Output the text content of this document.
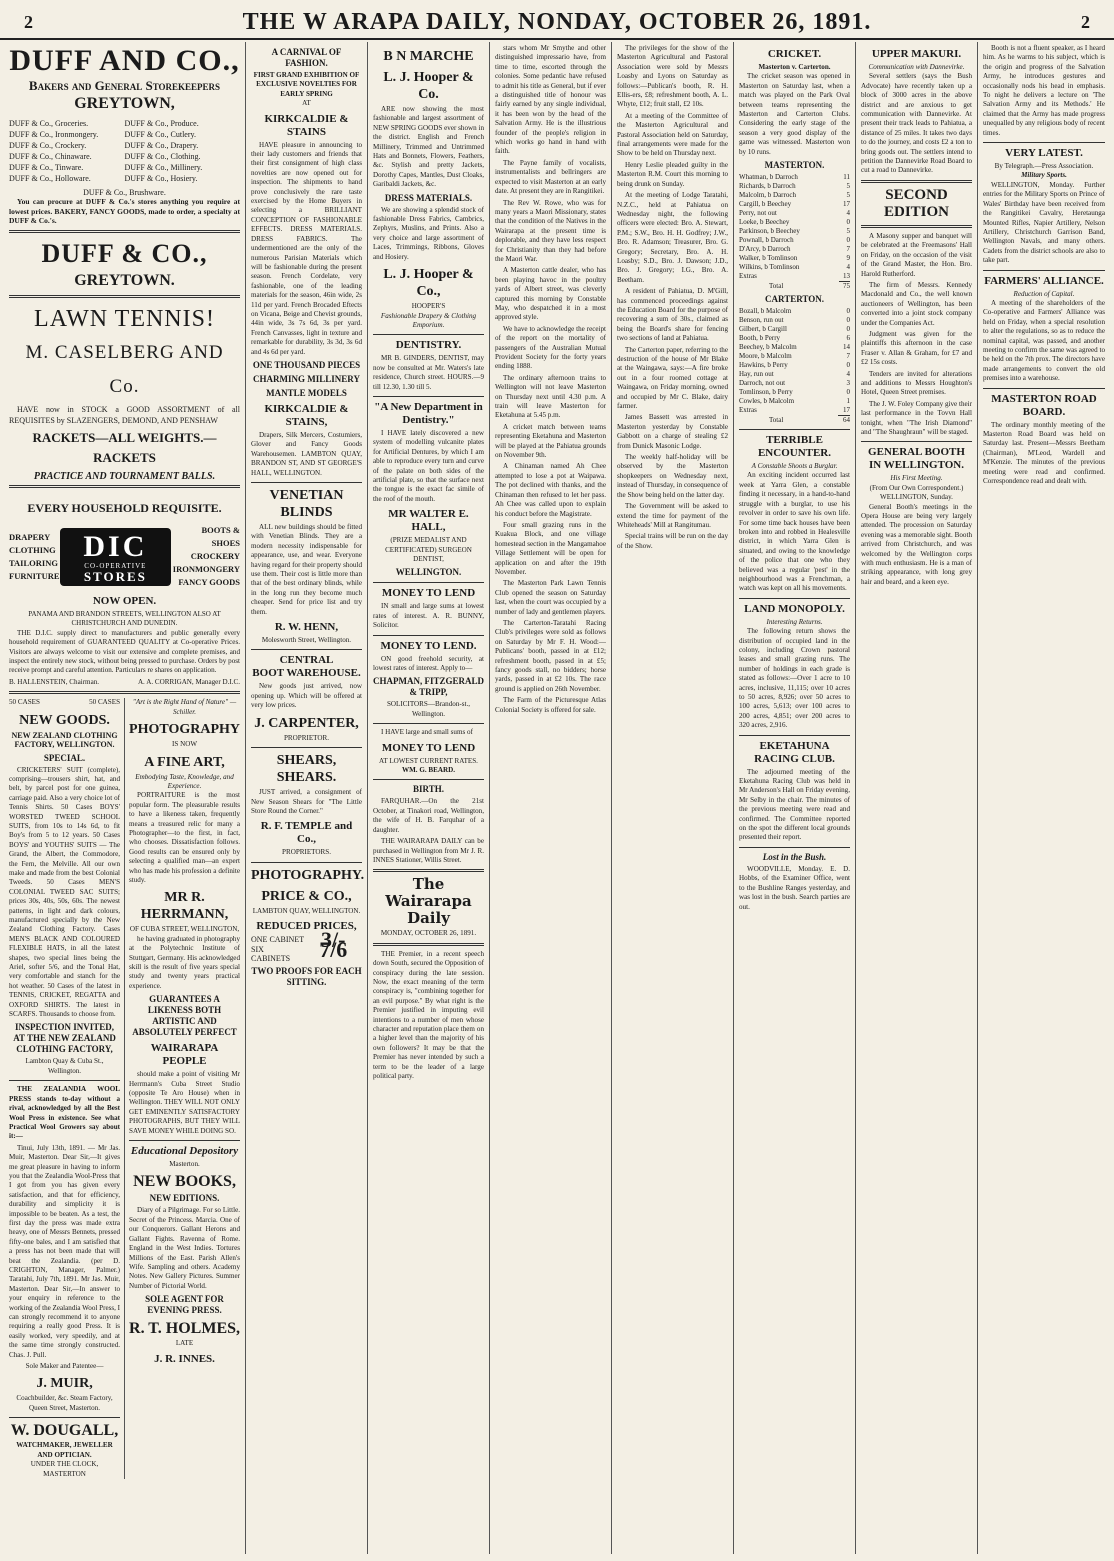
2	THE W ARAPA DAILY, NONDAY, OCTOBER 26, 1891.	2
DUFF AND CO.,
Bakers and General Storekeepers
GREYTOWN,
DUFF & Co., Groceries.	DUFF & Co., Produce.
DUFF & Co., Ironmongery.	DUFF & Co., Cutlery.
DUFF & Co., Crockery.	DUFF & Co., Drapery.
DUFF & Co., Chinaware.	DUFF & Co., Clothing.
DUFF & Co., Tinware.	DUFF & Co., Millinery.
DUFF & Co., Holloware.	DUFF & Co., Hosiery.
DUFF & Co., Brushware.
You can procure at DUFF & Co.'s stores anything you require at lowest prices. BAKERY, FANCY GOODS, made to order, a specialty at DUFF & Co.'s.
DUFF & CO.,
GREYTOWN.
LAWN TENNIS!
M. CASELBERG AND Co.
HAVE now in STOCK a GOOD ASSORTMENT of all REQUISITES by SLAZENGERS, DEMOND, AND PENSHAW
RACKETS—ALL WEIGHTS.—RACKETS
PRACTICE AND TOURNAMENT BALLS.
EVERY HOUSEHOLD REQUISITE.
DRAPERY
CLOTHING
TAILORING
FURNITURE
DIC
CO-OPERATIVE
STORES
BOOTS & SHOES
CROCKERY
IRONMONGERY
FANCY GOODS
NOW OPEN.
PANAMA AND BRANDON STREETS, WELLINGTON ALSO AT CHRISTCHURCH AND DUNEDIN.
THE D.I.C. supply direct to manufacturers and public generally every household requirement of GUARANTEED QUALITY at Co-operative Prices. Visitors are always welcome to visit our extensive and complete premises, and inspect the entirely new stock, without being pressed to purchase. Orders by post receive prompt and careful attention. Particulars re shares on application.
B. HALLENSTEIN, Chairman.	A. A. CORRIGAN, Manager D.I.C.
50 CASES	50 CASES
NEW GOODS.
NEW ZEALAND CLOTHING FACTORY, WELLINGTON.
SPECIAL.
CRICKETERS' SUIT (complete), comprising—trousers shirt, hat, and belt, by parcel post for one guinea, carriage paid. Also a very choice lot of Tennis Shirts. 50 Cases BOYS' WORSTED TWEED SCHOOL SUITS, from 10s to 14s 6d, to fit Boy's from 5 to 12 years. 50 Cases BOYS' and YOUTHS' SUITS — The Grand, the Albert, the Commodore, the Fern, the Melville. All our own make and made from the best Colonial Tweeds. 50 Cases MEN'S COLONIAL TWEED SAC SUITS; prices 30s, 40s, 50s, 60s. The newest patterns, in light and dark colours, manufactured specially by the New Zealand Clothing Factory. Cases MEN'S BLACK AND COLOURED FLEXIBLE HATS, in all the latest shapes, two special lines being the Ariel, softer 5/6, and the Tonal Hat, very comfortable and stanch for the hot weather. 50 Cases of the latest in TENNIS, CRICKET, REGATTA and OXFORD SHIRTS. The latest in SCARFS. Thousands to choose from.
INSPECTION INVITED, AT THE NEW ZEALAND CLOTHING FACTORY,
Lambton Quay & Cuba St., Wellington.
THE ZEALANDIA WOOL PRESS stands to-day without a rival, acknowledged by all the Best Wool Press in existence. See what Practical Wool Growers say about it:—
Tinui, July 13th, 1891. — Mr Jas. Muir, Masterton. Dear Sir,—It gives me great pleasure in having to inform you that the Zealandia Wool-Press that I got from you has given every satisfaction, and that for efficiency, durability and simplicity it is impossible to be beaten. As a test, the first day the press was made extra heavy, one of Messrs Bennets, pressed fifty-one bales, and I am satisfied that a press has not been made that will beat the Zealandia. (per D. CRIGHTON, Manager, Palmer.) Taratahi, July 7th, 1891. Mr Jas. Muir, Masterton. Dear Sir,—In answer to your enquiry in reference to the working of the Zealandia Wool Press, I can strongly recommend it to anyone requiring a really good Press. It is easily worked, very speedily, and at the same time strongly constructed. Chas. J. Pull.
Sole Maker and Patentee—
J. MUIR,
Coachbuilder, &c. Steam Factory, Queen Street, Masterton.
W. DOUGALL,
WATCHMAKER, JEWELLER AND OPTICIAN.
UNDER THE CLOCK, MASTERTON
"Art is the Right Hand of Nature" —Schiller.
PHOTOGRAPHY
IS NOW
A FINE ART,
Embodying Taste, Knowledge, and Experience.
PORTRAITURE is the most popular form. The pleasurable results to have a likeness taken, frequently means a treasured relic for many a Photographer—to the first, in fact, who chooses. Dissatisfaction follows. Good results can be ensured only by selecting a qualified man—an expert who has made his profession a definite study.
MR R. HERRMANN,
OF CUBA STREET, WELLINGTON,
he having graduated in photography at the Polytechnic Institute of Stuttgart, Germany. His acknowledged skill is the result of five years special study and twenty years practical experience.
GUARANTEES A LIKENESS BOTH ARTISTIC AND ABSOLUTELY PERFECT
WAIRARAPA PEOPLE
should make a point of visiting Mr Herrmann's Cuba Street Studio (opposite Te Aro House) when in Wellington. THEY WILL NOT ONLY GET EMINENTLY SATISFACTORY PHOTOGRAPHS, BUT THEY WILL SAVE MONEY WHILE DOING SO.
Educational Depository
Masterton.
NEW BOOKS,
NEW EDITIONS.
Diary of a Pilgrimage. For so Little. Secret of the Princess. Marcia. One of our Conquerors. Gallant Herons and Gallant Fights. Ravenna of Rome. England in the West Indies. Tortures Millions of the East. Parish Allen's Wife. Sampling and others. Academy Notes. New Gallery Pictures. Summer Number of Pictorial World.
SOLE AGENT FOR EVENING PRESS.
R. T. HOLMES,
LATE
J. R. INNES.
A CARNIVAL OF FASHION.
FIRST GRAND EXHIBITION OF EXCLUSIVE NOVELTIES FOR EARLY SPRING
AT
KIRKCALDIE & STAINS
HAVE pleasure in announcing to their lady customers and friends that their first consignment of high class novelties are now opened out for inspection. The shipments to hand prove conclusively the rare taste exercised by the Home Buyers in selecting a BRILLIANT CONCEPTION OF FASHIONABLE EFFECTS. DRESS MATERIALS. DRESS FABRICS. The undermentioned are the only of the numerous Parisian Materials which will be fashionable during the present season. French Cordelate, very fashionable, one of the leading materials for the season, 46in wide, 2s 11d per yard. French Brocaded Eftects on Vicana, Beige and Chevist grounds, 44in wide, 3s 7s 6d, 3s per yard. French Canvasses, light in texture and remarkable for durability, 3s 3d, 3s 6d and 4s 6d per yard.
ONE THOUSAND PIECES
CHARMING MILLINERY
MANTLE MODELS
KIRKCALDIE & STAINS,
Drapers, Silk Mercers, Costumiers, Glover and Fancy Goods Warehousemen. LAMBTON QUAY, BRANDON ST, AND ST GEORGE'S HALL, WELLINGTON.
VENETIAN BLINDS
ALL new buildings should be fitted with Venetian Blinds. They are a modern necessity indispensable for appearance, use, and wear. Everyone having regard for their property should use them. Their cost is little more than that of the best ordinary blinds, while in the long run they become much cheaper. Send for price list and try them.
R. W. HENN,
Molesworth Street, Wellington.
CENTRAL
BOOT WAREHOUSE.
New goods just arrived, now opening up. Which will be offered at very low prices.
J. CARPENTER,
PROPRIETOR.
SHEARS, SHEARS.
JUST arrived, a consignment of New Season Shears for "The Little Store Round the Corner."
R. F. TEMPLE and Co.,
PROPRIETORS.
PHOTOGRAPHY.
PRICE & CO.,
LAMBTON QUAY, WELLINGTON.
REDUCED PRICES,
ONE CABINET
SIX CABINETS
3/- 7/6
TWO PROOFS FOR EACH SITTING.
B N MARCHE
L. J. Hooper & Co.
ARE now showing the most fashionable and largest assortment of NEW SPRING GOODS ever shown in the district. English and French Millinery, Trimmed and Untrimmed Hats and Bonnets, Flowers, Feathers, &c. Stylish and pretty Jackets, Dorothy Capes, Mantles, Dust Cloaks, Garibaldi Jackets, &c.
DRESS MATERIALS.
We are showing a splendid stock of fashionable Dress Fabrics, Cambrics, Zephyrs, Muslins, and Prints. Also a very choice and large assortment of Laces, Trimmings, Ribbons, Gloves and Hosiery.
L. J. Hooper & Co.,
HOOPER'S
Fashionable Drapery & Clothing Emporium.
DENTISTRY.
MR B. GINDERS, DENTIST, may now be consulted at Mr. Waters's late residence, Church street. HOURS.—9 till 12.30, 1.30 till 5.
"A New Department in Dentistry."
I HAVE lately discovered a new system of modelling vulcanite plates for Artificial Dentures, by which I am able to reproduce every turn and curve of the palate on both sides of the artificial plate, so that the surface next the tongue is the exact fac simile of the roof of the mouth.
MR WALTER E. HALL,
(PRIZE MEDALIST AND CERTIFICATED) SURGEON DENTIST,
WELLINGTON.
MONEY TO LEND
IN small and large sums at lowest rates of interest. A. R. BUNNY, Solicitor.
MONEY TO LEND.
ON good freehold security, at lowest rates of interest. Apply to—
CHAPMAN, FITZGERALD & TRIPP,
SOLICITORS—Brandon-st., Wellington.
I HAVE large and small sums of
MONEY TO LEND
AT LOWEST CURRENT RATES.
WM. G. BEARD.
BIRTH.
FARQUHAR.—On the 21st October, at Tinakori road, Wellington, the wife of H. B. Farquhar of a daughter.
THE WAIRARAPA DAILY can be purchased in Wellington from Mr J. R. INNES Stationer, Willis Street.
The Wairarapa Daily
MONDAY, OCTOBER 26, 1891.
THE Premier, in a recent speech down South, secured the Opposition of conspiracy during the late session. Now, the exact meaning of the term conspiracy is, "combining together for an evil purpose." By what right is the Premier justified in imputing evil intentions to a number of men whose character and reputation place them on a higher level than the majority of his own followers? It may be that the Premier has never intended by such a term to be the leader of a large political party.
stars whom Mr Smythe and other distinguished impressario have, from time to time, escorted through the colonies. Some pedantic have refused to admit his title as General, but if ever a distinguished title of honour was fairly earned by any single individual, it has been won by the head of the Salvation Army. He is the illustrious founder of the people's religion in which works go hand in hand with faith.
The Payne family of vocalists, instrumentalists and bellringers are expected to visit Masterton at an early date. At present they are in Rangitikei.
The Rev W. Rowe, who was for many years a Maori Missionary, states that the condition of the Natives in the Wairarapa at the present time is deplorable, and they have less respect for Christianity than they had before the Maori War.
A Masterton cattle dealer, who has been playing havoc in the poultry yards of Albert street, was cleverly captured this morning by Constable May, who despatched it in a most approved style.
We have to acknowledge the receipt of the report on the mortality of passengers of the Australian Mutual Provident Society for the forty years ending 1888.
The ordinary afternoon trains to Wellington will not leave Masterton on Thursday next until 4.30 p.m. A train will leave Masterton for Eketahuna at 5.45 p.m.
A cricket match between teams representing Eketahuna and Masterton will be played at the Pahiatua grounds on November 9th.
A Chinaman named Ah Chee attempted to lose a pot at Waipawa. The pot declined with thanks, and the Chinaman then refused to let her pass. Ah Chee was called upon to explain his conduct before the Magistrate.
Four small grazing runs in the Kuakua Block, and one village homestead section in the Mangamahoe Village Settlement will be open for application on and after the 19th November.
The Masterton Park Lawn Tennis Club opened the season on Saturday last, when the court was occupied by a number of lady and gentlemen players.
The Carterton-Taratahi Racing Club's privileges were sold as follows on Saturday by Mr F. H. Wood:—Publicans' booth, passed in at £12; refreshment booth, passed in at £5; fancy goods stall, no bidders; horse yards, passed in at £2 10s. The race ground is applied on 26th November.
The Farm of the Picturesque Atlas Colonial Society is offered for sale.
The privileges for the show of the Masterton Agricultural and Pastoral Association were sold by Messrs Loasby and Lyons on Saturday as follows:—Publican's booth, R. H. Ellis-ers, £8; refreshment booth, A. L. Whyte, £12; fruit stall, £2 10s.
At a meeting of the Committee of the Masterton Agricultural and Pastoral Association held on Saturday, final arrangements were made for the Show to be held on Thursday next.
Henry Leslie pleaded guilty in the Masterton R.M. Court this morning to being drunk on Sunday.
At the meeting of Lodge Taratahi, N.Z.C., held at Pahiatua on Wednesday night, the following officers were elected: Bro. A. Stewart, P.M.; S.W., Bro. H. H. Godfrey; J.W., Bro. R. Adamson; Treasurer, Bro. G. Gregory; Secretary, Bro. A. H. Loasby; S.D., Bro. J. Dawson; J.D., Bro. J. Gregory; I.G., Bro. A. Beetham.
A resident of Pahiatua, D. M'Gill, has commenced proceedings against the Education Board for the purpose of recovering a sum of 30s., claimed as being the Board's share for fencing two sections of land at Pahiatua.
The Carterton paper, referring to the destruction of the house of Mr Blake at the Waingawa, says:—A fire broke out in a four roomed cottage at Waingawa, on Friday morning, owned and occupied by Mr C. Blake, dairy farmer.
James Bassett was arrested in Masterton yesterday by Constable Gabbott on a charge of stealing £2 from Dunick Masonic Lodge.
The weekly half-holiday will be observed by the Masterton shopkeepers on Wednesday next, instead of Thursday, in consequence of the Show being held on the latter day.
The Government will be asked to extend the time for payment of the Whiteheads' Mill at Rangitumau.
Special trains will be run on the day of the Show.
CRICKET.
Masterton v. Carterton.
The cricket season was opened in Masterton on Saturday last, when a match was played on the Park Oval between teams representing the Masterton and Carterton Clubs. Considering the early stage of the season a very good display of the game was witnessed. Masterton won by 10 runs.
MASTERTON.
Whatman, b Darroch	11
Richards, b Darroch	5
Malcolm, b Darroch	5
Cargill, b Beechey	17
Perry, not out	4
Loeke, b Beechey	0
Parkinson, b Beechey	5
Pownall, b Darroch	0
D'Arcy, b Darroch	7
Walker, b Tomlinson	9
Wilkins, b Tomlinson	4
Extras	13
Total	75
CARTERTON.
Bozall, b Malcolm	0
Benson, run out	0
Gilbert, b Cargill	0
Booth, b Perry	6
Beechey, b Malcolm	14
Moore, b Malcolm	7
Hawkins, b Perry	0
Hay, run out	4
Darroch, not out	3
Tomlinson, b Perry	0
Cowles, b Malcolm	1
Extras	17
Total	64
TERRIBLE ENCOUNTER.
A Constable Shoots a Burglar.
An exciting incident occurred last week at Yarra Glen, a constable finding it necessary, in a hand-to-hand struggle with a burglar, to use his revolver in order to save his own life. For some time back houses have been broken into and robbed in Healesville district, in which Yarra Glen is situated, and owing to the knowledge of the police that one who they believed was a regular 'pest' in the neighbourhood was a Frenchman, a watch was kept on all his movements.
LAND MONOPOLY.
Interesting Returns.
The following return shows the distribution of occupied land in the colony, including Crown pastoral leases and small grazing runs. The number of holdings in each grade is stated as follows:—Over 1 acre to 10 acres, inclusive, 11,115; over 10 acres to 50 acres, 8,926; over 50 acres to 100 acres, 5,613; over 100 acres to 200 acres, 4,851; over 200 acres to 320 acres, 2,916.
EKETAHUNA RACING CLUB.
The adjourned meeting of the Eketahuna Racing Club was held in Mr Anderson's Hall on Friday evening, Mr Selby in the chair. The minutes of the previous meeting were read and confirmed. The Committee reported on the spot the different local grounds presented their report.
Lost in the Bush.
WOODVILLE, Monday. E. D. Hobbs, of the Examiner Office, went to the Bushline Ranges yesterday, and was lost in the bush. Search parties are out.
UPPER MAKURI.
Communication with Dannevirke.
Several settlers (says the Bush Advocate) have recently taken up a block of 3000 acres in the above district and are anxious to get communication with Dannevirke. At present their track leads to Pahiatua, a distance of 25 miles. It takes two days to do the journey, and costs £2 a ton to bring goods out. The settlers intend to petition the Dannevirke Road Board to cut a road to Dannevirke.
SECOND EDITION
A Masony supper and banquet will be celebrated at the Freemasons' Hall on Friday, on the occasion of the visit of the Grand Master, the Hon. Bro. Harold Rutherford.
The firm of Messrs. Kennedy Macdonald and Co., the well known auctioneers of Wellington, has been converted into a joint stock company under the Companies Act.
Judgment was given for the plaintiffs this afternoon in the case Fraser v. Allan & Graham, for £7 and £2 15s costs.
Tenders are invited for alterations and additions to Messrs Houghton's Hotel, Queen Street premises.
The J. W. Foley Company give their last performance in the Tovvn Hall tonight, when "The Irish Diamond" and "The Shaughraun" will be staged.
GENERAL BOOTH IN WELLINGTON.
His First Meeting.
(From Our Own Correspondent.)
WELLINGTON, Sunday.
General Booth's meetings in the Opera House are being very largely attended. The procession on Saturday evening was a memorable sight. Booth arrived from Christchurch, and was welcomed by the Wellington corps with much enthusiasm. He is a man of striking appearance, with long grey hair and beard, and a keen eye.
Booth is not a fluent speaker, as I heard him. As he warms to his subject, which is the origin and progress of the Salvation Army, he introduces gestures and occasionally nods his head in emphasis. To night he delivers a lecture on 'The Salvation Army and its Methods.' He claimed that the Army has made progress unequalled by any religious body of recent times.
VERY LATEST.
By Telegraph.—Press Association.
Military Sports.
WELLINGTON, Monday. Further entries for the Military Sports on Prince of Wales' Birthday have been received from the Rangitikei Cavalry, Heretaunga Mounted Rifles, Napier Artillery, Nelson Artillery, Christchurch Garrison Band, Wellington Navals, and many others. Cadets from the district schools are also to take part.
FARMERS' ALLIANCE.
Reduction of Capital.
A meeting of the shareholders of the Co-operative and Farmers' Alliance was held on Friday, when a special resolution to alter the regulations, so as to reduce the nominal capital, was passed, and another meeting to confirm the same was agreed to be held on the 7th prox. The directors have made arrangements to convert the old premises into a warehouse.
MASTERTON ROAD BOARD.
The ordinary monthly meeting of the Masterton Road Board was held on Saturday last. Present—Messrs Beetham (Chairman), M'Leod, Wardell and M'Kenzie. The minutes of the previous meeting were read and confirmed. Correspondence read and dealt with.
